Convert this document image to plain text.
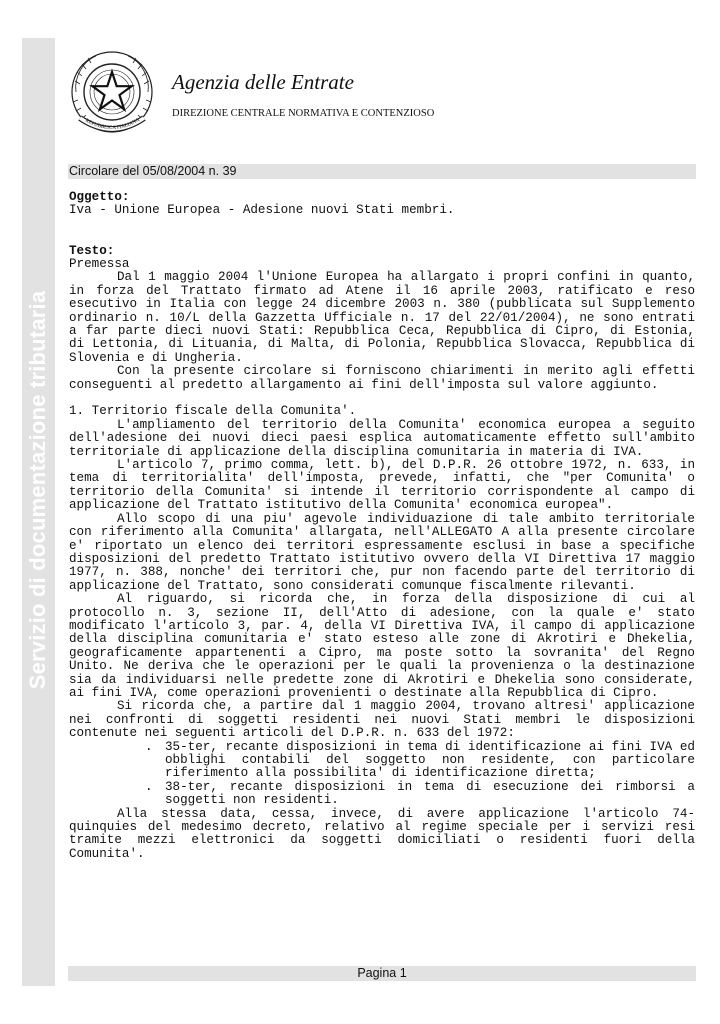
Servizio di documentazione tributaria
REPUBBLICA ITALIANA
Agenzia delle Entrate
DIREZIONE CENTRALE NORMATIVA E CONTENZIOSO
Circolare del 05/08/2004 n. 39
Oggetto:
Iva - Unione Europea - Adesione nuovi Stati membri.
Testo:
Premessa

Dal 1 maggio 2004 l'Unione Europea ha allargato i propri confini in quanto, in forza del Trattato firmato ad Atene il 16 aprile 2003, ratificato e reso esecutivo in Italia con legge 24 dicembre 2003 n. 380 (pubblicata sul Supplemento ordinario n. 10/L della Gazzetta Ufficiale n. 17 del 22/01/2004), ne sono entrati a far parte dieci nuovi Stati: Repubblica Ceca, Repubblica di Cipro, di Estonia, di Lettonia, di Lituania, di Malta, di Polonia, Repubblica Slovacca, Repubblica di Slovenia e di Ungheria.

Con la presente circolare si forniscono chiarimenti in merito agli effetti conseguenti al predetto allargamento ai fini dell'imposta sul valore aggiunto.

1. Territorio fiscale della Comunita'.

L'ampliamento del territorio della Comunita' economica europea a seguito dell'adesione dei nuovi dieci paesi esplica automaticamente effetto sull'ambito territoriale di applicazione della disciplina comunitaria in materia di IVA.

L'articolo 7, primo comma, lett. b), del D.P.R. 26 ottobre 1972, n. 633, in tema di territorialita' dell'imposta, prevede, infatti, che "per Comunita' o territorio della Comunita' si intende il territorio corrispondente al campo di applicazione del Trattato istitutivo della Comunita' economica europea".

Allo scopo di una piu' agevole individuazione di tale ambito territoriale con riferimento alla Comunita' allargata, nell'ALLEGATO A alla presente circolare e' riportato un elenco dei territori espressamente esclusi in base a specifiche disposizioni del predetto Trattato istitutivo ovvero della VI Direttiva 17 maggio 1977, n. 388, nonche' dei territori che, pur non facendo parte del territorio di applicazione del Trattato, sono considerati comunque fiscalmente rilevanti.

Al riguardo, si ricorda che, in forza della disposizione di cui al protocollo n. 3, sezione II, dell'Atto di adesione, con la quale e' stato modificato l'articolo 3, par. 4, della VI Direttiva IVA, il campo di applicazione della disciplina comunitaria e' stato esteso alle zone di Akrotiri e Dhekelia, geograficamente appartenenti a Cipro, ma poste sotto la sovranita' del Regno Unito. Ne deriva che le operazioni per le quali la provenienza o la destinazione sia da individuarsi nelle predette zone di Akrotiri e Dhekelia sono considerate, ai fini IVA, come operazioni provenienti o destinate alla Repubblica di Cipro.

Si ricorda che, a partire dal 1 maggio 2004, trovano altresi' applicazione nei confronti di soggetti residenti nei nuovi Stati membri le disposizioni contenute nei seguenti articoli del D.P.R. n. 633 del 1972:

. 35-ter, recante disposizioni in tema di identificazione ai fini IVA ed obblighi contabili del soggetto non residente, con particolare riferimento alla possibilita' di identificazione diretta;
. 38-ter, recante disposizioni in tema di esecuzione dei rimborsi a soggetti non residenti.

Alla stessa data, cessa, invece, di avere applicazione l'articolo 74-quinquies del medesimo decreto, relativo al regime speciale per i servizi resi tramite mezzi elettronici da soggetti domiciliati o residenti fuori della Comunita'.

Pagina 1
